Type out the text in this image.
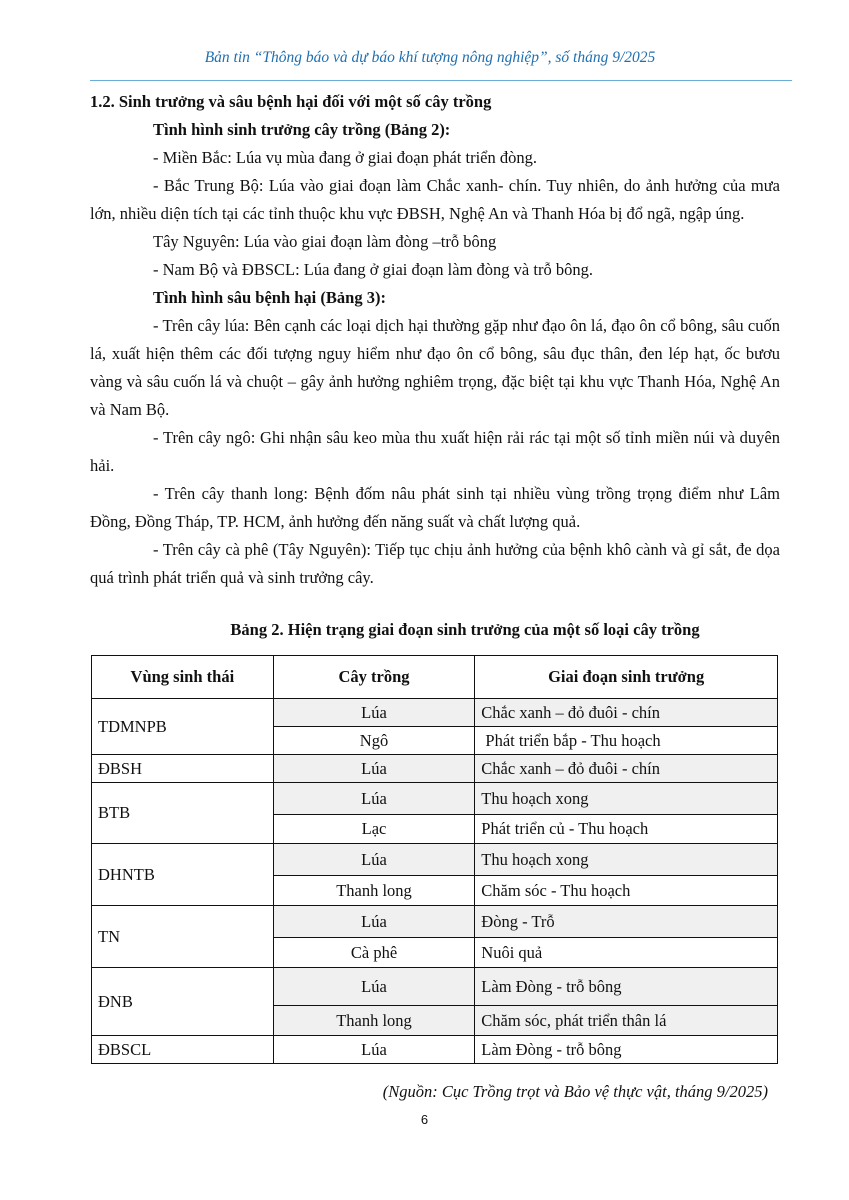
Bản tin “Thông báo và dự báo khí tượng nông nghiệp”, số tháng 9/2025

1.2. Sinh trưởng và sâu bệnh hại đối với một số cây trồng

Tình hình sinh trưởng cây trồng (Bảng 2):

- Miền Bắc: Lúa vụ mùa đang ở giai đoạn phát triển đòng.

- Bắc Trung Bộ: Lúa vào giai đoạn làm Chắc xanh- chín. Tuy nhiên, do ảnh hưởng của mưa lớn, nhiều diện tích tại các tỉnh thuộc khu vực ĐBSH, Nghệ An và Thanh Hóa bị đổ ngã, ngập úng.

Tây Nguyên: Lúa vào giai đoạn làm đòng –trỗ bông

- Nam Bộ và ĐBSCL: Lúa đang ở giai đoạn làm đòng và trỗ bông.

Tình hình sâu bệnh hại (Bảng 3):

- Trên cây lúa: Bên cạnh các loại dịch hại thường gặp như đạo ôn lá, đạo ôn cổ bông, sâu cuốn lá, xuất hiện thêm các đối tượng nguy hiểm như đạo ôn cổ bông, sâu đục thân, đen lép hạt, ốc bươu vàng và sâu cuốn lá và chuột – gây ảnh hưởng nghiêm trọng, đặc biệt tại khu vực Thanh Hóa, Nghệ An và Nam Bộ.

- Trên cây ngô: Ghi nhận sâu keo mùa thu xuất hiện rải rác tại một số tỉnh miền núi và duyên hải.

- Trên cây thanh long: Bệnh đốm nâu phát sinh tại nhiều vùng trồng trọng điểm như Lâm Đồng, Đồng Tháp, TP. HCM, ảnh hưởng đến năng suất và chất lượng quả.

- Trên cây cà phê (Tây Nguyên): Tiếp tục chịu ảnh hưởng của bệnh khô cành và gỉ sắt, đe dọa quá trình phát triển quả và sinh trưởng cây.

Bảng 2. Hiện trạng giai đoạn sinh trưởng của một số loại cây trồng
Vùng sinh thái	Cây trồng	Giai đoạn sinh trưởng
TDMNPB	Lúa	Chắc xanh – đỏ đuôi - chín
	Ngô	Phát triển bắp - Thu hoạch
ĐBSH	Lúa	Chắc xanh – đỏ đuôi - chín
BTB	Lúa	Thu hoạch xong
	Lạc	Phát triển củ - Thu hoạch
DHNTB	Lúa	Thu hoạch xong
	Thanh long	Chăm sóc - Thu hoạch
TN	Lúa	Đòng - Trỗ
	Cà phê	Nuôi quả
ĐNB	Lúa	Làm Đòng - trỗ bông
	Thanh long	Chăm sóc, phát triển thân lá
ĐBSCL	Lúa	Làm Đòng - trỗ bông
(Nguồn: Cục Trồng trọt và Bảo vệ thực vật, tháng 9/2025)
6
